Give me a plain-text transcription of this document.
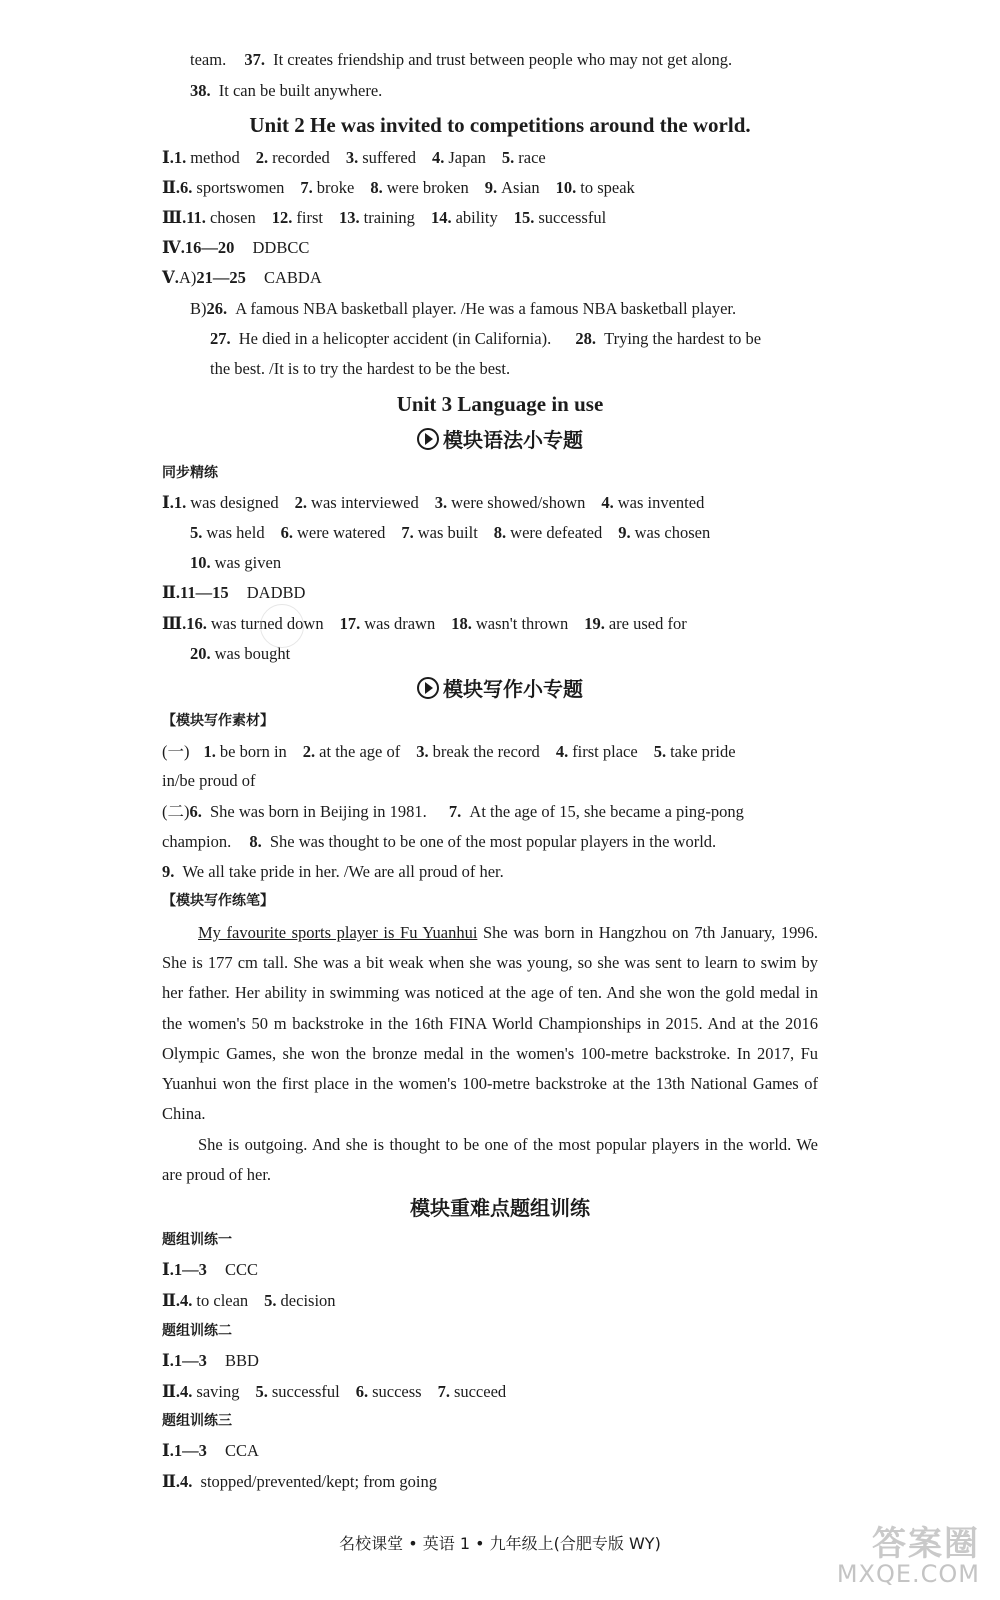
team. 37. It creates friendship and trust between people who may not get along.
38. It can be built anywhere.
Unit 2 He was invited to competitions around the world.
Ⅰ.1. method 2. recorded 3. suffered 4. Japan 5. race
Ⅱ.6. sportswomen 7. broke 8. were broken 9. Asian 10. to speak
Ⅲ.11. chosen 12. first 13. training 14. ability 15. successful
Ⅳ.16—20 DDBCC
Ⅴ.A)21—25 CABDA
B)26. A famous NBA basketball player. /He was a famous NBA basketball player.
27. He died in a helicopter accident (in California). 28. Trying the hardest to be
the best. /It is to try the hardest to be the best.
Unit 3 Language in use
模块语法小专题
同步精练
Ⅰ.1. was designed 2. was interviewed 3. were showed/shown 4. was invented
5. was held 6. were watered 7. was built 8. were defeated 9. was chosen
10. was given
Ⅱ.11—15 DADBD
Ⅲ.16. was turned down 17. was drawn 18. wasn't thrown 19. are used for
20. was bought
模块写作小专题
【模块写作素材】
(一) 1. be born in 2. at the age of 3. break the record 4. first place 5. take pride
in/be proud of
(二)6. She was born in Beijing in 1981. 7. At the age of 15, she became a ping-pong
champion. 8. She was thought to be one of the most popular players in the world.
9. We all take pride in her. /We are all proud of her.
【模块写作练笔】
My favourite sports player is Fu Yuanhui She was born in Hangzhou on 7th January, 1996. She is 177 cm tall. She was a bit weak when she was young, so she was sent to learn to swim by her father. Her ability in swimming was noticed at the age of ten. And she won the gold medal in the women's 50 m backstroke in the 16th FINA World Championships in 2015. And at the 2016 Olympic Games, she won the bronze medal in the women's 100-metre backstroke. In 2017, Fu Yuanhui won the first place in the women's 100-metre backstroke at the 13th National Games of China.
She is outgoing. And she is thought to be one of the most popular players in the world. We are proud of her.
模块重难点题组训练
题组训练一
Ⅰ.1—3 CCC
Ⅱ.4. to clean 5. decision
题组训练二
Ⅰ.1—3 BBD
Ⅱ.4. saving 5. successful 6. success 7. succeed
题组训练三
Ⅰ.1—3 CCA
Ⅱ.4. stopped/prevented/kept; from going
名校课堂 • 英语 1 • 九年级上(合肥专版 WY)	答案圈
MXQE.COM
